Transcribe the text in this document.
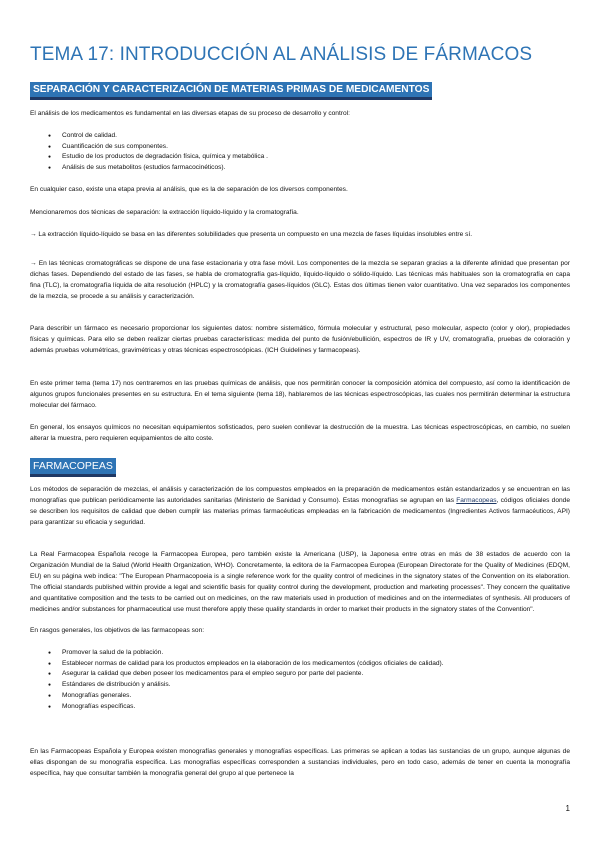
TEMA 17: INTRODUCCIÓN AL ANÁLISIS DE FÁRMACOS
SEPARACIÓN Y CARACTERIZACIÓN DE MATERIAS PRIMAS DE MEDICAMENTOS
El análisis de los medicamentos es fundamental en las diversas etapas de su proceso de desarrollo y control:
● Control de calidad.
● Cuantificación de sus componentes.
● Estudio de los productos de degradación física, química y metabólica .
● Análisis de sus metabolitos (estudios farmacocinéticos).
En cualquier caso, existe una etapa previa al análisis, que es la de separación de los diversos componentes.
Mencionaremos dos técnicas de separación: la extracción líquido-líquido y la cromatografía.
→ La extracción líquido-líquido se basa en las diferentes solubilidades que presenta un compuesto en una mezcla de fases líquidas insolubles entre sí.
→ En las técnicas cromatográficas se dispone de una fase estacionaria y otra fase móvil. Los componentes de la mezcla se separan gracias a la diferente afinidad que presentan por dichas fases. Dependiendo del estado de las fases, se habla de cromatografía gas-líquido, líquido-líquido o sólido-líquido. Las técnicas más habituales son la cromatografía en capa fina (TLC), la cromatografía líquida de alta resolución (HPLC) y la cromatografía gases-líquidos (GLC). Estas dos últimas tienen valor cuantitativo. Una vez separados los componentes de la mezcla, se procede a su análisis y caracterización.
Para describir un fármaco es necesario proporcionar los siguientes datos: nombre sistemático, fórmula molecular y estructural, peso molecular, aspecto (color y olor), propiedades físicas y químicas. Para ello se deben realizar ciertas pruebas características: medida del punto de fusión/ebullición, espectros de IR y UV, cromatografía, pruebas de coloración y además pruebas volumétricas, gravimétricas y otras técnicas espectroscópicas. (ICH Guidelines y farmacopeas).
En este primer tema (tema 17) nos centraremos en las pruebas químicas de análisis, que nos permitirán conocer la composición atómica del compuesto, así como la identificación de algunos grupos funcionales presentes en su estructura. En el tema siguiente (tema 18), hablaremos de las técnicas espectroscópicas, las cuales nos permitirán determinar la estructura molecular del fármaco.
En general, los ensayos químicos no necesitan equipamientos sofisticados, pero suelen conllevar la destrucción de la muestra. Las técnicas espectroscópicas, en cambio, no suelen alterar la muestra, pero requieren equipamientos de alto coste.
FARMACOPEAS
Los métodos de separación de mezclas, el análisis y caracterización de los compuestos empleados en la preparación de medicamentos están estandarizados y se encuentran en las monografías que publican periódicamente las autoridades sanitarias (Ministerio de Sanidad y Consumo). Estas monografías se agrupan en las Farmacopeas, códigos oficiales donde se describen los requisitos de calidad que deben cumplir las materias primas farmacéuticas empleadas en la fabricación de medicamentos (Ingredientes Activos farmacéuticos, API) para garantizar su eficacia y seguridad.
La Real Farmacopea Española recoge la Farmacopea Europea, pero también existe la Americana (USP), la Japonesa entre otras en más de 38 estados de acuerdo con la Organización Mundial de la Salud (World Health Organization, WHO). Concretamente, la editora de la Farmacopea Europea (European Directorate for the Quality of Medicines (EDQM, EU) en su página web indica: "The European Pharmacopoeia is a single reference work for the quality control of medicines in the signatory states of the Convention on its elaboration. The official standards published within provide a legal and scientific basis for quality control during the development, production and marketing processes". They concern the qualitative and quantitative composition and the tests to be carried out on medicines, on the raw materials used in production of medicines and on the intermediates of synthesis. All producers of medicines and/or substances for pharmaceutical use must therefore apply these quality standards in order to market their products in the signatory states of the Convention".
En rasgos generales, los objetivos de las farmacopeas son:
● Promover la salud de la población.
● Establecer normas de calidad para los productos empleados en la elaboración de los medicamentos (códigos oficiales de calidad).
● Asegurar la calidad que deben poseer los medicamentos para el empleo seguro por parte del paciente.
● Estándares de distribución y análisis.
● Monografías generales.
● Monografías específicas.
En las Farmacopeas Española y Europea existen monografías generales y monografías específicas. Las primeras se aplican a todas las sustancias de un grupo, aunque algunas de ellas dispongan de su monografía específica. Las monografías específicas corresponden a sustancias individuales, pero en todo caso, además de tener en cuenta la monografía específica, hay que consultar también la monografía general del grupo al que pertenece la
1
